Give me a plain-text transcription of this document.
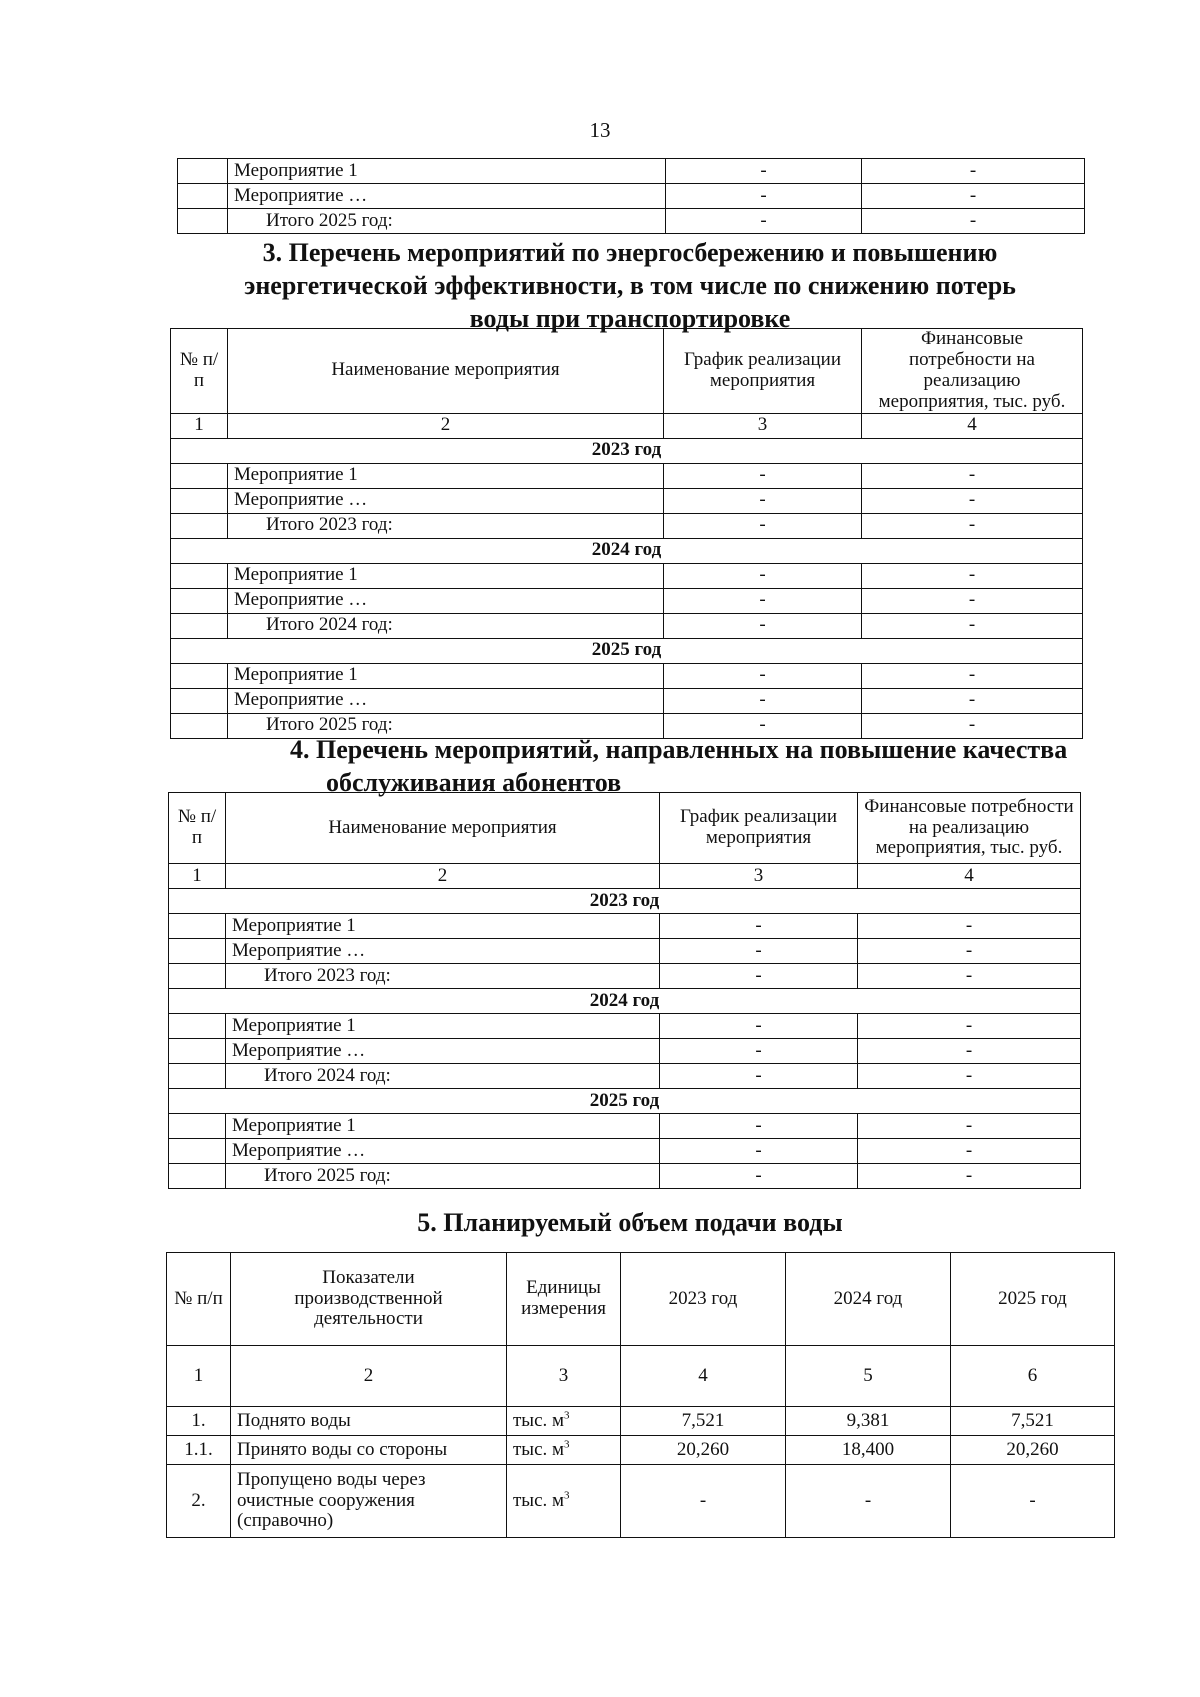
13
	Мероприятие 1	-	-
	Мероприятие …	-	-
	Итого 2025 год:	-	-
3. Перечень мероприятий по энергосбережению и повышению
энергетической эффективности, в том числе по снижению потерь
воды при транспортировке
№ п/п	Наименование мероприятия	График реализации мероприятия	Финансовые потребности на реализацию мероприятия, тыс. руб.
1	2	3	4
2023 год			
	Мероприятие 1	-	-
	Мероприятие …	-	-
	Итого 2023 год:	-	-
2024 год			
	Мероприятие 1	-	-
	Мероприятие …	-	-
	Итого 2024 год:	-	-
2025 год			
	Мероприятие 1	-	-
	Мероприятие …	-	-
	Итого 2025 год:	-	-
4. Перечень мероприятий, направленных на повышение качества
обслуживания абонентов
№ п/п	Наименование мероприятия	График реализации мероприятия	Финансовые потребности на реализацию мероприятия, тыс. руб.
1	2	3	4
2023 год			
	Мероприятие 1	-	-
	Мероприятие …	-	-
	Итого 2023 год:	-	-
2024 год			
	Мероприятие 1	-	-
	Мероприятие …	-	-
	Итого 2024 год:	-	-
2025 год			
	Мероприятие 1	-	-
	Мероприятие …	-	-
	Итого 2025 год:	-	-
5. Планируемый объем подачи воды
№ п/п	Показатели производственной деятельности	Единицы измерения	2023 год	2024 год	2025 год
1	2	3	4	5	6
1.	Поднято воды	тыс. $м^3$	7,521	9,381	7,521
1.1.	Принято воды со стороны	тыс. $м^3$	20,260	18,400	20,260
2.	Пропущено воды через очистные сооружения (справочно)	тыс. $м^3$	-	-	-
